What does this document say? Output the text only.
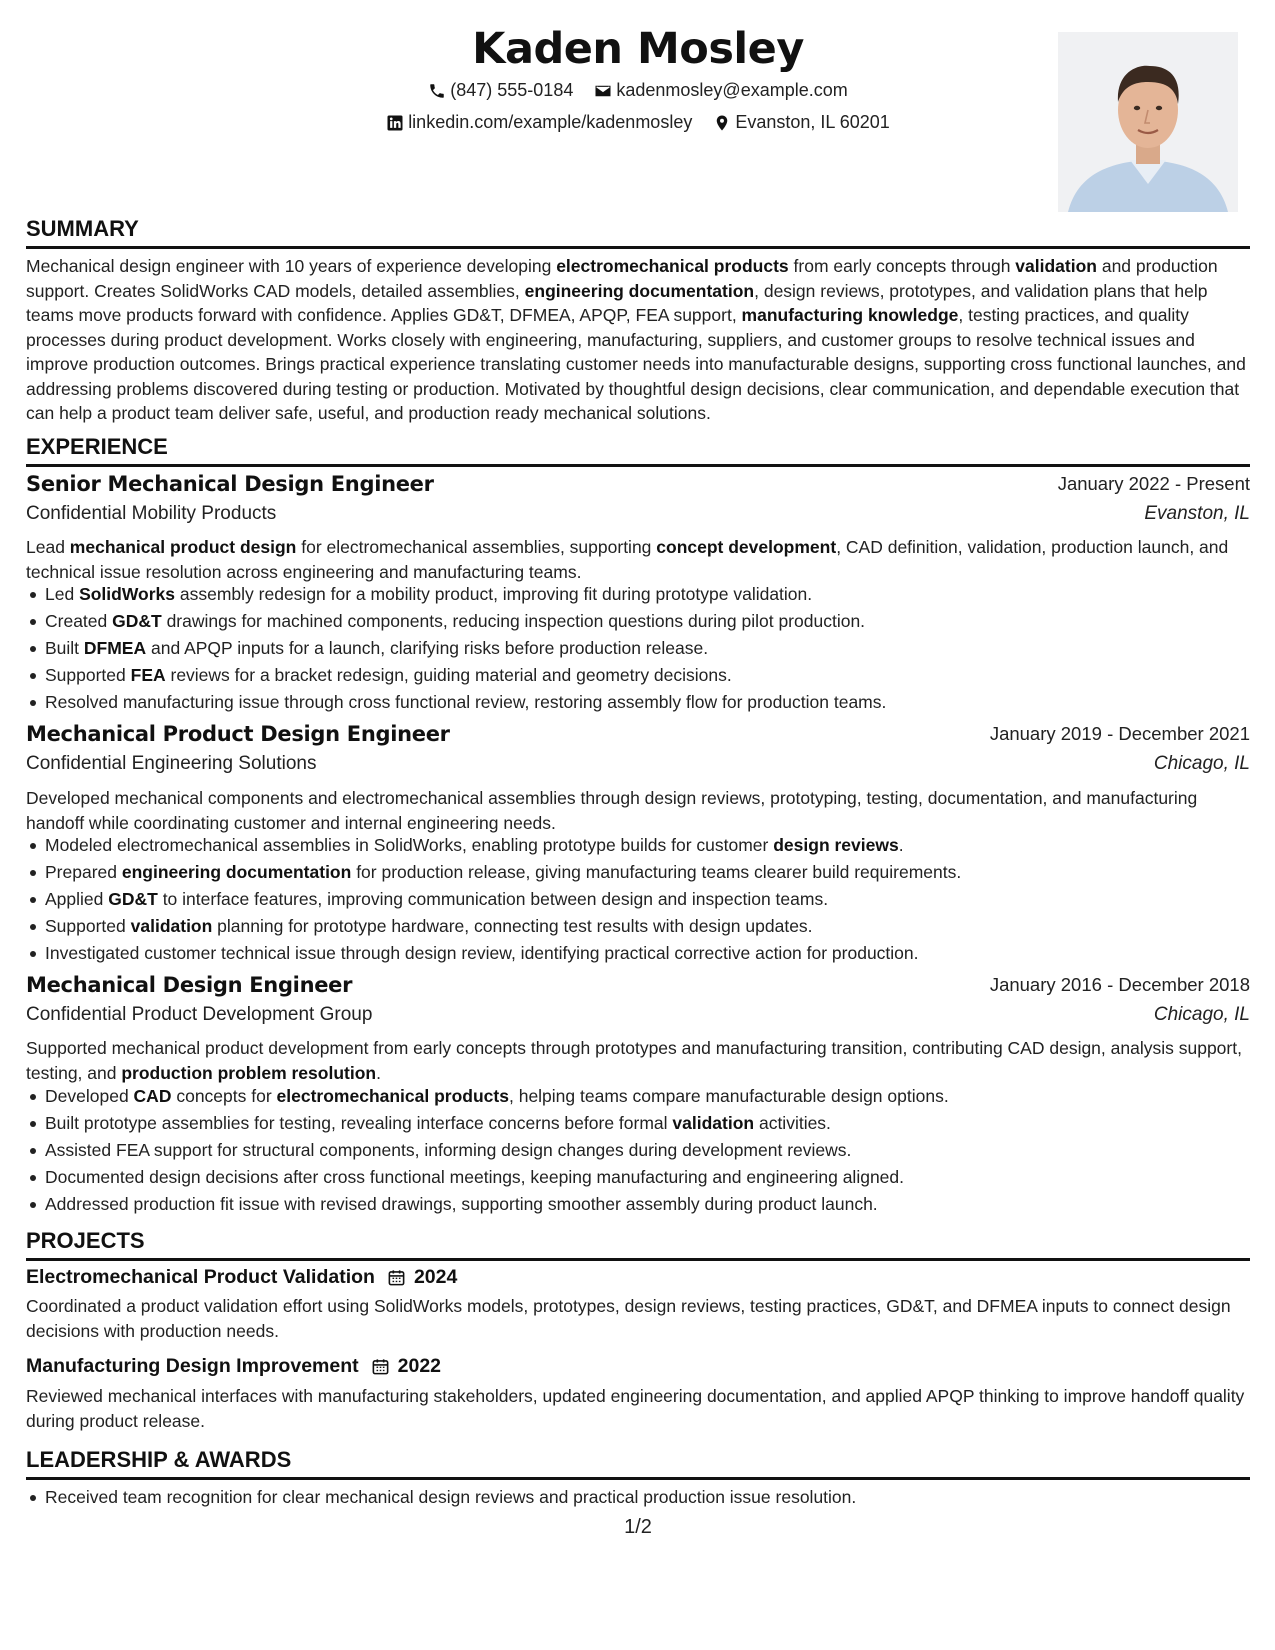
Kaden Mosley
(847) 555-0184
kadenmosley@example.com
linkedin.com/example/kadenmosley
Evanston, IL 60201
SUMMARY
Mechanical design engineer with 10 years of experience developing electromechanical products from early concepts through validation and production support. Creates SolidWorks CAD models, detailed assemblies, engineering documentation, design reviews, prototypes, and validation plans that help teams move products forward with confidence. Applies GD&T, DFMEA, APQP, FEA support, manufacturing knowledge, testing practices, and quality processes during product development. Works closely with engineering, manufacturing, suppliers, and customer groups to resolve technical issues and improve production outcomes. Brings practical experience translating customer needs into manufacturable designs, supporting cross functional launches, and addressing problems discovered during testing or production. Motivated by thoughtful design decisions, clear communication, and dependable execution that can help a product team deliver safe, useful, and production ready mechanical solutions.
EXPERIENCE
Senior Mechanical Design Engineer	January 2022 - Present
Confidential Mobility Products	Evanston, IL
Lead mechanical product design for electromechanical assemblies, supporting concept development, CAD definition, validation, production launch, and technical issue resolution across engineering and manufacturing teams.
Led SolidWorks assembly redesign for a mobility product, improving fit during prototype validation.
Created GD&T drawings for machined components, reducing inspection questions during pilot production.
Built DFMEA and APQP inputs for a launch, clarifying risks before production release.
Supported FEA reviews for a bracket redesign, guiding material and geometry decisions.
Resolved manufacturing issue through cross functional review, restoring assembly flow for production teams.
Mechanical Product Design Engineer	January 2019 - December 2021
Confidential Engineering Solutions	Chicago, IL
Developed mechanical components and electromechanical assemblies through design reviews, prototyping, testing, documentation, and manufacturing handoff while coordinating customer and internal engineering needs.
Modeled electromechanical assemblies in SolidWorks, enabling prototype builds for customer design reviews.
Prepared engineering documentation for production release, giving manufacturing teams clearer build requirements.
Applied GD&T to interface features, improving communication between design and inspection teams.
Supported validation planning for prototype hardware, connecting test results with design updates.
Investigated customer technical issue through design review, identifying practical corrective action for production.
Mechanical Design Engineer	January 2016 - December 2018
Confidential Product Development Group	Chicago, IL
Supported mechanical product development from early concepts through prototypes and manufacturing transition, contributing CAD design, analysis support, testing, and production problem resolution.
Developed CAD concepts for electromechanical products, helping teams compare manufacturable design options.
Built prototype assemblies for testing, revealing interface concerns before formal validation activities.
Assisted FEA support for structural components, informing design changes during development reviews.
Documented design decisions after cross functional meetings, keeping manufacturing and engineering aligned.
Addressed production fit issue with revised drawings, supporting smoother assembly during product launch.
PROJECTS
Electromechanical Product Validation 2024
Coordinated a product validation effort using SolidWorks models, prototypes, design reviews, testing practices, GD&T, and DFMEA inputs to connect design decisions with production needs.
Manufacturing Design Improvement 2022
Reviewed mechanical interfaces with manufacturing stakeholders, updated engineering documentation, and applied APQP thinking to improve handoff quality during product release.
LEADERSHIP & AWARDS
Received team recognition for clear mechanical design reviews and practical production issue resolution.
1/2
